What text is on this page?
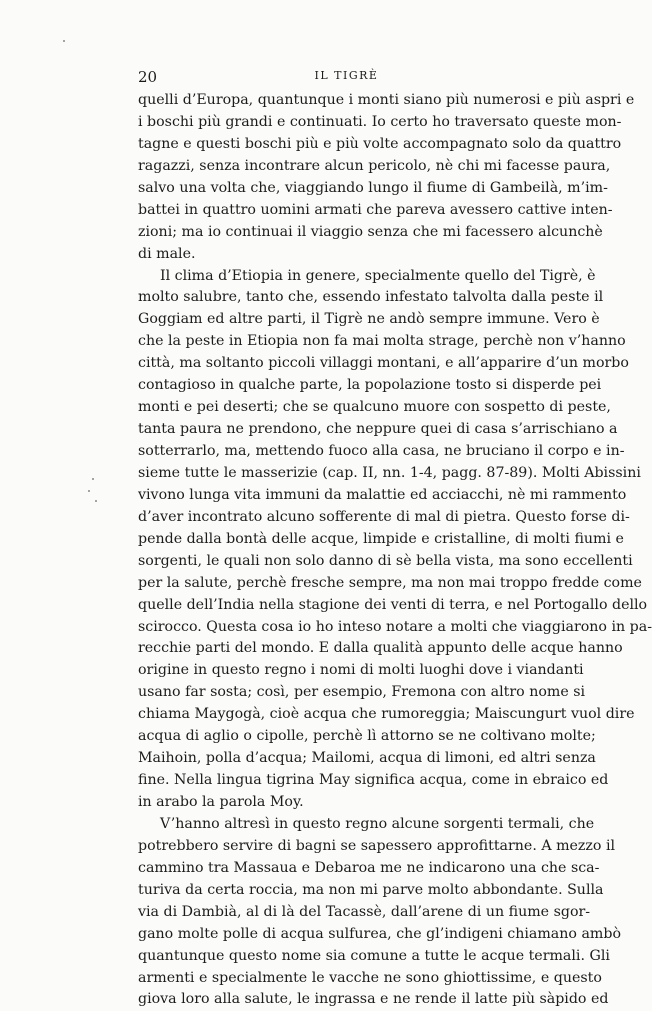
20	IL TIGRÈ
quelli d’Europa, quantunque i monti siano più numerosi e più aspri e
i boschi più grandi e continuati. Io certo ho traversato queste mon-
tagne e questi boschi più e più volte accompagnato solo da quattro
ragazzi, senza incontrare alcun pericolo, nè chi mi facesse paura,
salvo una volta che, viaggiando lungo il fiume di Gambeilà, m’im-
battei in quattro uomini armati che pareva avessero cattive inten-
zioni; ma io continuai il viaggio senza che mi facessero alcunchè
di male.
Il clima d’Etiopia in genere, specialmente quello del Tigrè, è
molto salubre, tanto che, essendo infestato talvolta dalla peste il
Goggiam ed altre parti, il Tigrè ne andò sempre immune. Vero è
che la peste in Etiopia non fa mai molta strage, perchè non v’hanno
città, ma soltanto piccoli villaggi montani, e all’apparire d’un morbo
contagioso in qualche parte, la popolazione tosto si disperde pei
monti e pei deserti; che se qualcuno muore con sospetto di peste,
tanta paura ne prendono, che neppure quei di casa s’arrischiano a
sotterrarlo, ma, mettendo fuoco alla casa, ne bruciano il corpo e in-
sieme tutte le masserizie (cap. II, nn. 1-4, pagg. 87-89). Molti Abissini
vivono lunga vita immuni da malattie ed acciacchi, nè mi rammento
d’aver incontrato alcuno sofferente di mal di pietra. Questo forse di-
pende dalla bontà delle acque, limpide e cristalline, di molti fiumi e
sorgenti, le quali non solo danno di sè bella vista, ma sono eccellenti
per la salute, perchè fresche sempre, ma non mai troppo fredde come
quelle dell’India nella stagione dei venti di terra, e nel Portogallo dello
scirocco. Questa cosa io ho inteso notare a molti che viaggiarono in pa-
recchie parti del mondo. E dalla qualità appunto delle acque hanno
origine in questo regno i nomi di molti luoghi dove i viandanti
usano far sosta; così, per esempio, Fremona con altro nome si
chiama Maygogà, cioè acqua che rumoreggia; Maiscungurt vuol dire
acqua di aglio o cipolle, perchè lì attorno se ne coltivano molte;
Maihoin, polla d’acqua; Mailomi, acqua di limoni, ed altri senza
fine. Nella lingua tigrina May significa acqua, come in ebraico ed
in arabo la parola Moy.
V’hanno altresì in questo regno alcune sorgenti termali, che
potrebbero servire di bagni se sapessero approfittarne. A mezzo il
cammino tra Massaua e Debaroa me ne indicarono una che sca-
turiva da certa roccia, ma non mi parve molto abbondante. Sulla
via di Dambià, al di là del Tacassè, dall’arene di un fiume sgor-
gano molte polle di acqua sulfurea, che gl’indigeni chiamano ambò
quantunque questo nome sia comune a tutte le acque termali. Gli
armenti e specialmente le vacche ne sono ghiottissime, e questo
giova loro alla salute, le ingrassa e ne rende il latte più sàpido ed
